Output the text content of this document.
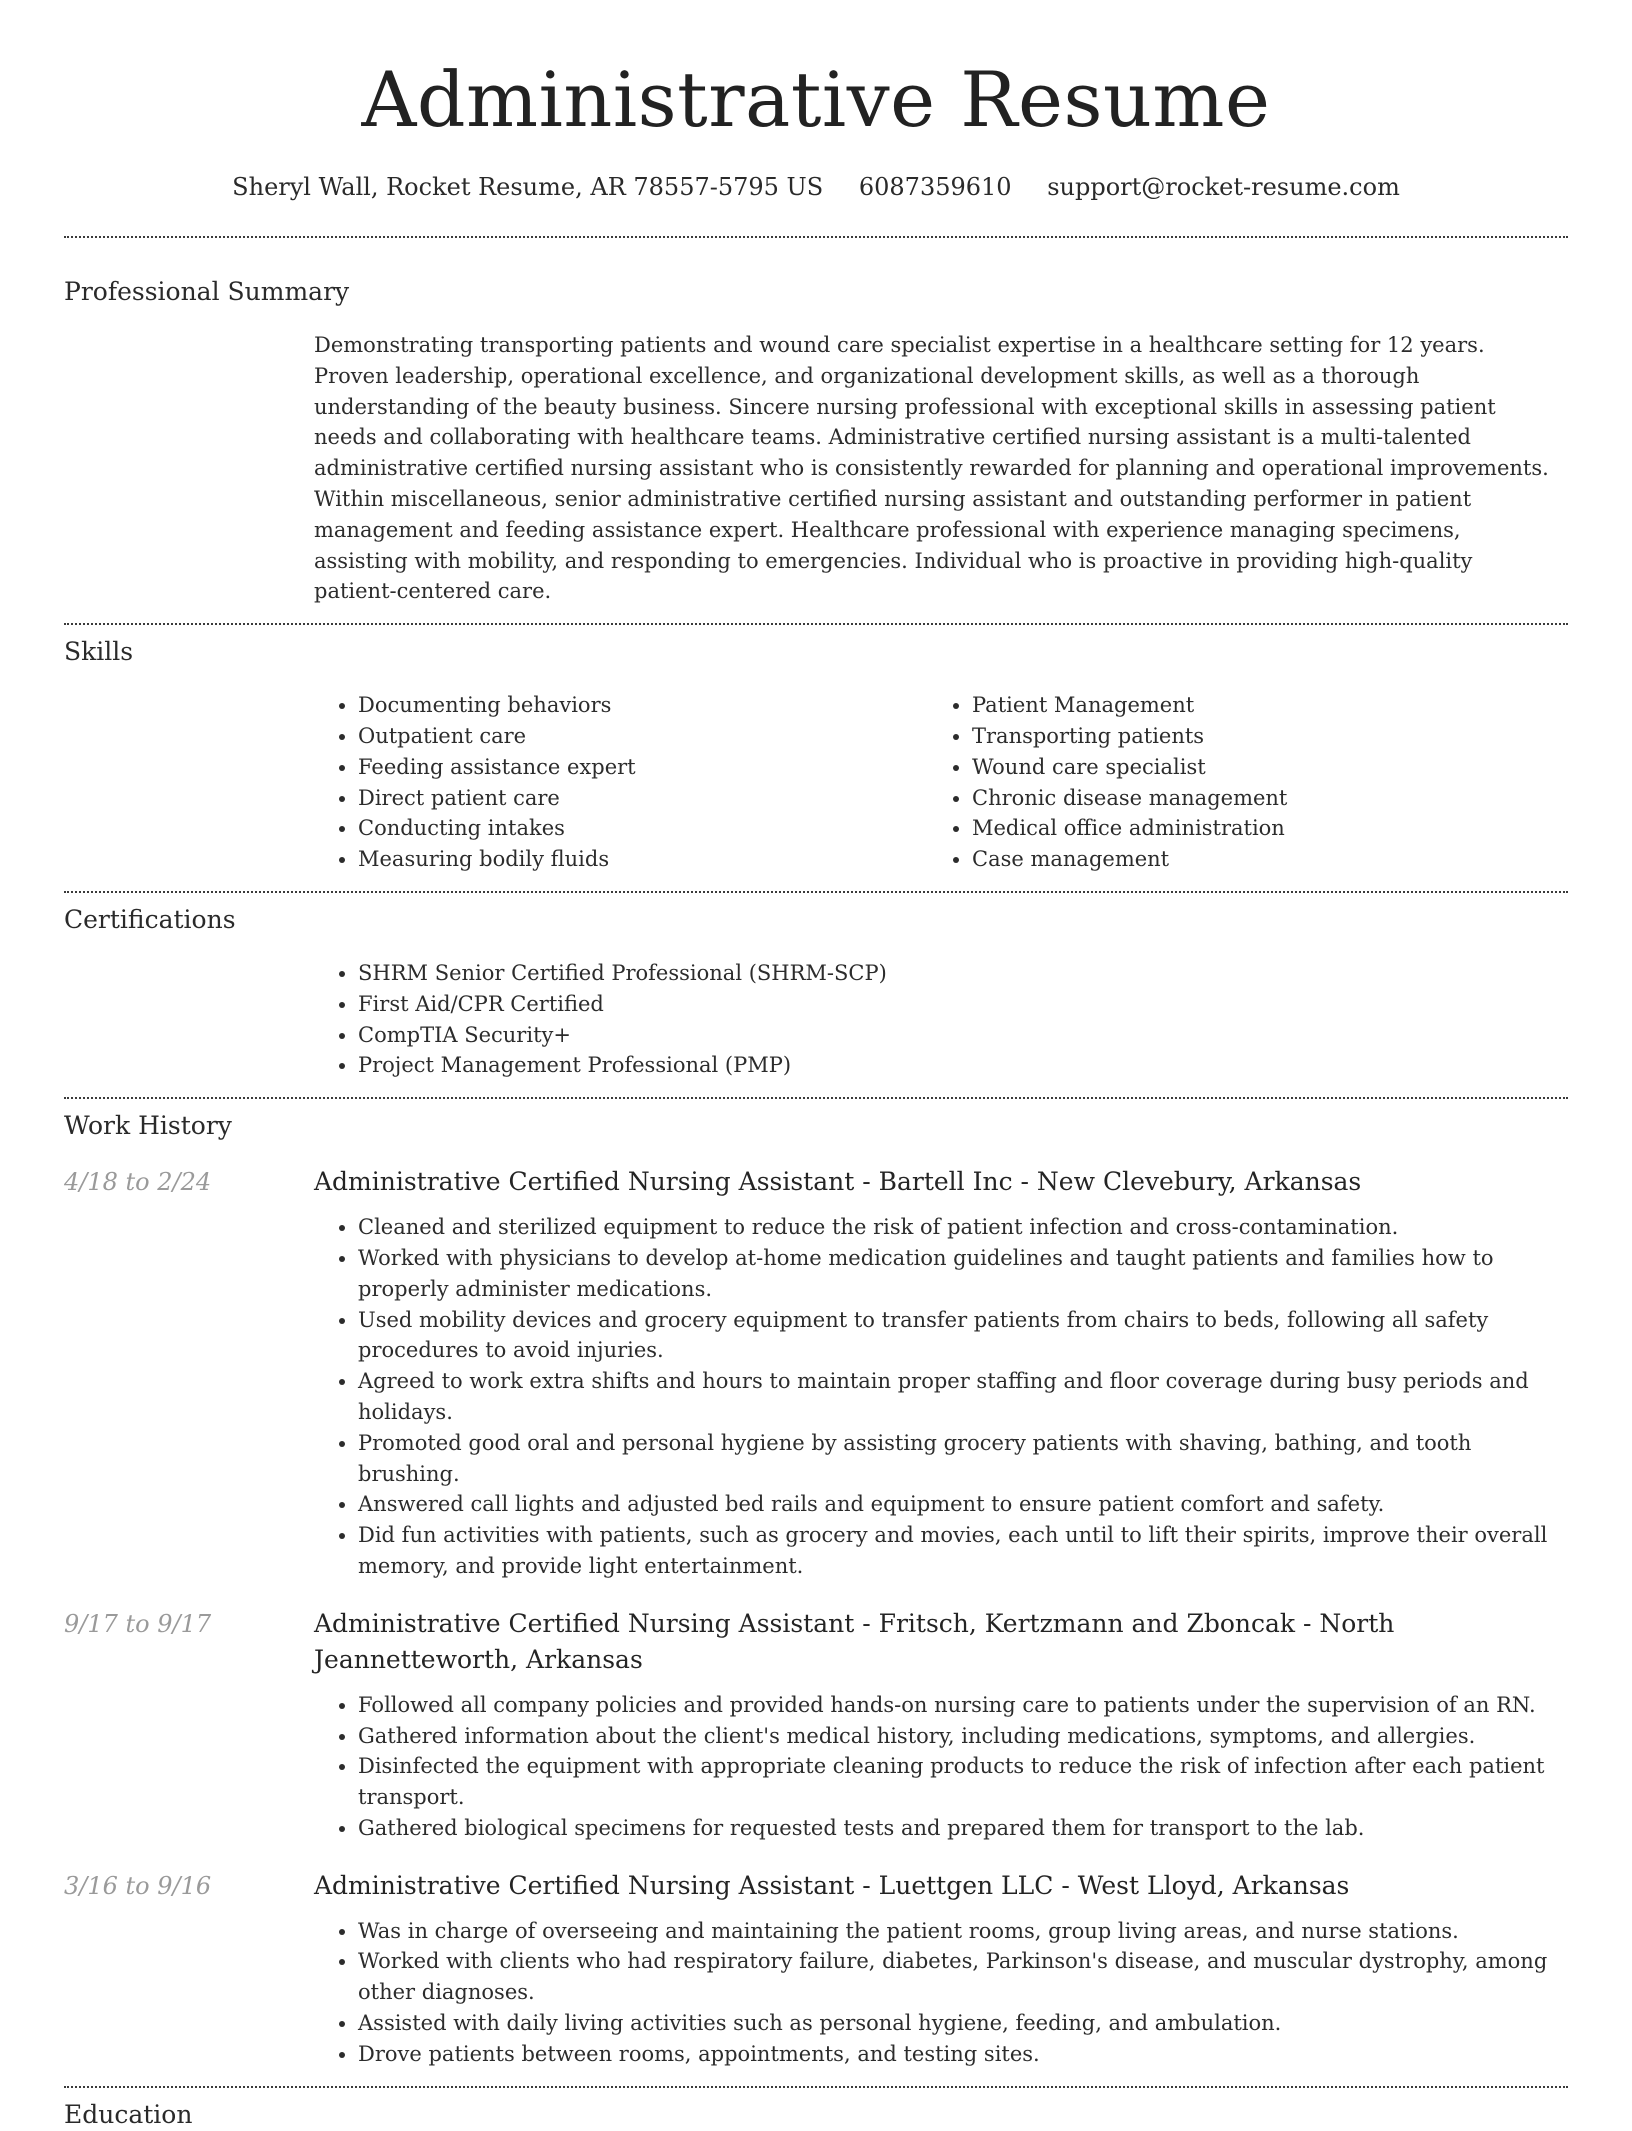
Administrative Resume
Sheryl Wall, Rocket Resume, AR 78557-5795 US 6087359610 support@rocket-resume.com
Professional Summary
Demonstrating transporting patients and wound care specialist expertise in a healthcare setting for 12 years. Proven leadership, operational excellence, and organizational development skills, as well as a thorough understanding of the beauty business. Sincere nursing professional with exceptional skills in assessing patient needs and collaborating with healthcare teams. Administrative certified nursing assistant is a multi-talented administrative certified nursing assistant who is consistently rewarded for planning and operational improvements. Within miscellaneous, senior administrative certified nursing assistant and outstanding performer in patient management and feeding assistance expert. Healthcare professional with experience managing specimens, assisting with mobility, and responding to emergencies. Individual who is proactive in providing high-quality patient-centered care.
Skills
• Documenting behaviors
• Outpatient care
• Feeding assistance expert
• Direct patient care
• Conducting intakes
• Measuring bodily fluids
• Patient Management
• Transporting patients
• Wound care specialist
• Chronic disease management
• Medical office administration
• Case management
Certifications
• SHRM Senior Certified Professional (SHRM-SCP)
• First Aid/CPR Certified
• CompTIA Security+
• Project Management Professional (PMP)
Work History
4/18 to 2/24	Administrative Certified Nursing Assistant - Bartell Inc - New Clevebury, Arkansas
• Cleaned and sterilized equipment to reduce the risk of patient infection and cross-contamination.
• Worked with physicians to develop at-home medication guidelines and taught patients and families how to properly administer medications.
• Used mobility devices and grocery equipment to transfer patients from chairs to beds, following all safety procedures to avoid injuries.
• Agreed to work extra shifts and hours to maintain proper staffing and floor coverage during busy periods and holidays.
• Promoted good oral and personal hygiene by assisting grocery patients with shaving, bathing, and tooth brushing.
• Answered call lights and adjusted bed rails and equipment to ensure patient comfort and safety.
• Did fun activities with patients, such as grocery and movies, each until to lift their spirits, improve their overall memory, and provide light entertainment.
9/17 to 9/17	Administrative Certified Nursing Assistant - Fritsch, Kertzmann and Zboncak - North Jeannetteworth, Arkansas
• Followed all company policies and provided hands-on nursing care to patients under the supervision of an RN.
• Gathered information about the client's medical history, including medications, symptoms, and allergies.
• Disinfected the equipment with appropriate cleaning products to reduce the risk of infection after each patient transport.
• Gathered biological specimens for requested tests and prepared them for transport to the lab.
3/16 to 9/16	Administrative Certified Nursing Assistant - Luettgen LLC - West Lloyd, Arkansas
• Was in charge of overseeing and maintaining the patient rooms, group living areas, and nurse stations.
• Worked with clients who had respiratory failure, diabetes, Parkinson's disease, and muscular dystrophy, among other diagnoses.
• Assisted with daily living activities such as personal hygiene, feeding, and ambulation.
• Drove patients between rooms, appointments, and testing sites.
Education
